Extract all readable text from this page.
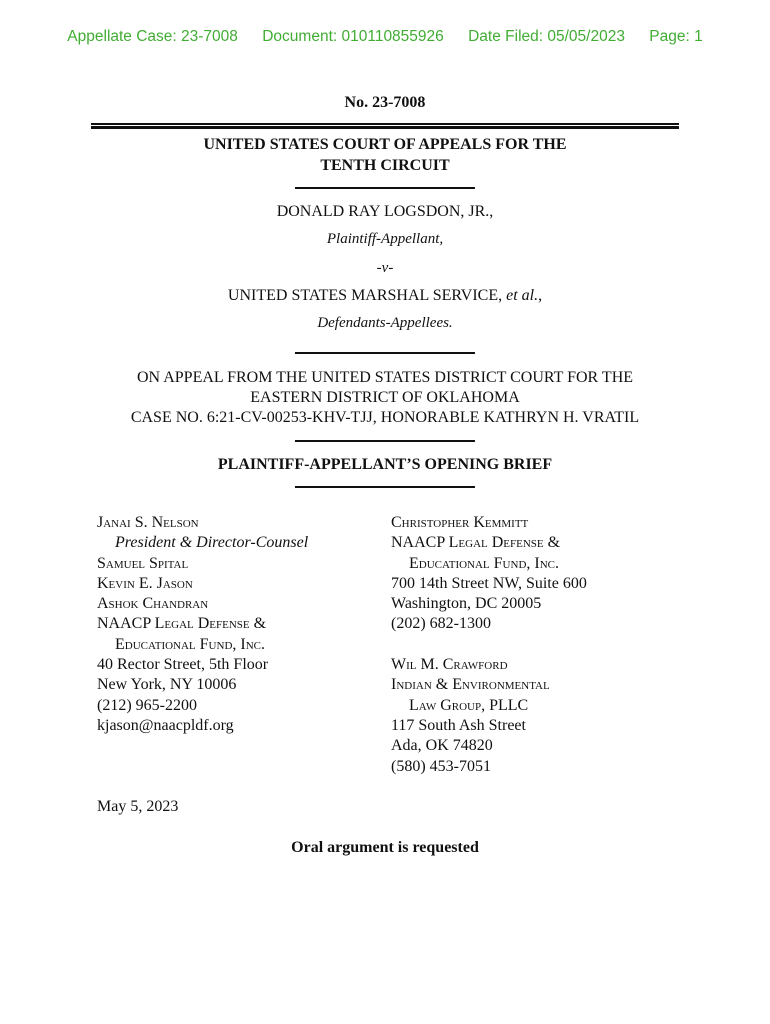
Appellate Case: 23-7008 Document: 010110855926 Date Filed: 05/05/2023 Page: 1
No. 23-7008
UNITED STATES COURT OF APPEALS FOR THE
TENTH CIRCUIT
DONALD RAY LOGSDON, JR.,
Plaintiff-Appellant,
-v-
UNITED STATES MARSHAL SERVICE, et al.,
Defendants-Appellees.
ON APPEAL FROM THE UNITED STATES DISTRICT COURT FOR THE
EASTERN DISTRICT OF OKLAHOMA
CASE NO. 6:21-CV-00253-KHV-TJJ, HONORABLE KATHRYN H. VRATIL
PLAINTIFF-APPELLANT’S OPENING BRIEF
Janai S. Nelson
President & Director-Counsel
Samuel Spital
Kevin E. Jason
Ashok Chandran
NAACP Legal Defense &
Educational Fund, Inc.
40 Rector Street, 5th Floor
New York, NY 10006
(212) 965-2200
kjason@naacpldf.org
Christopher Kemmitt
NAACP Legal Defense &
Educational Fund, Inc.
700 14th Street NW, Suite 600
Washington, DC 20005
(202) 682-1300
Wil M. Crawford
Indian & Environmental
Law Group, PLLC
117 South Ash Street
Ada, OK 74820
(580) 453-7051
May 5, 2023
Oral argument is requested
